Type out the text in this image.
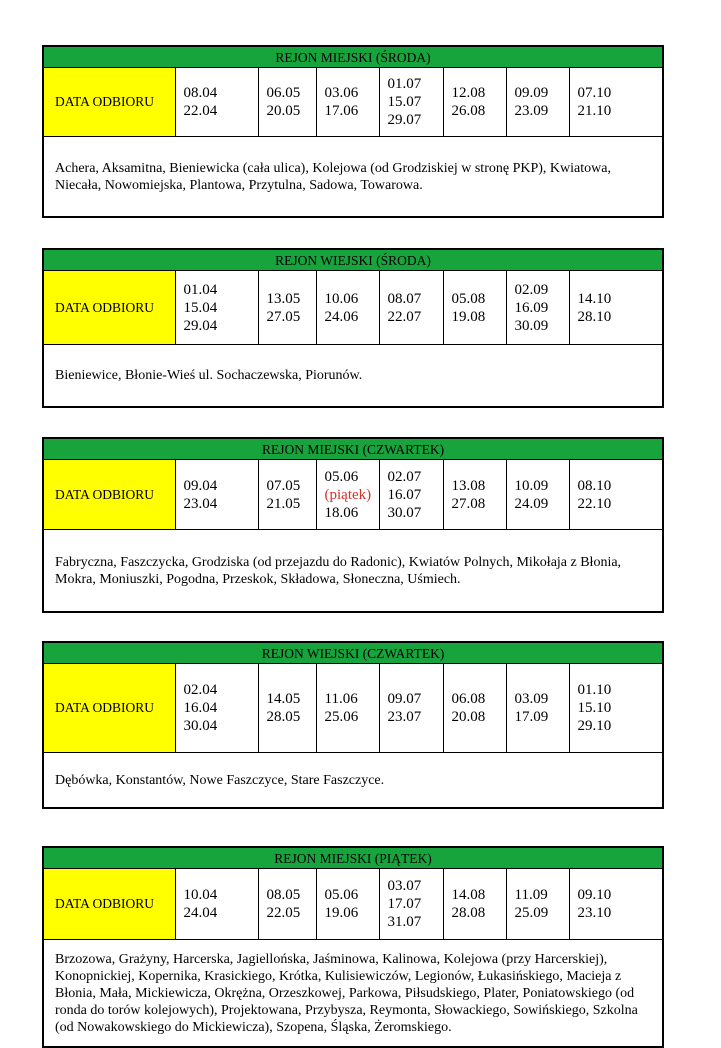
REJON MIEJSKI (ŚRODA)
DATA ODBIORU	
08.04
22.04

06.05
20.05

03.06
17.06

01.07
15.07
29.07

12.08
26.08

09.09
23.09

07.10
21.10

Achera, Aksamitna, Bieniewicka (cała ulica), Kolejowa (od Grodziskiej w stronę PKP), Kwiatowa, Niecała, Nowomiejska, Plantowa, Przytulna, Sadowa, Towarowa.
REJON WIEJSKI (ŚRODA)
DATA ODBIORU	
01.04
15.04
29.04

13.05
27.05

10.06
24.06

08.07
22.07

05.08
19.08

02.09
16.09
30.09

14.10
28.10

Bieniewice, Błonie-Wieś ul. Sochaczewska, Piorunów.
REJON MIEJSKI (CZWARTEK)
DATA ODBIORU	
09.04
23.04

07.05
21.05

05.06
(piątek)
18.06

02.07
16.07
30.07

13.08
27.08

10.09
24.09

08.10
22.10

Fabryczna, Faszczycka, Grodziska (od przejazdu do Radonic), Kwiatów Polnych, Mikołaja z Błonia, Mokra, Moniuszki, Pogodna, Przeskok, Składowa, Słoneczna, Uśmiech.
REJON WIEJSKI (CZWARTEK)
DATA ODBIORU	
02.04
16.04
30.04

14.05
28.05

11.06
25.06

09.07
23.07

06.08
20.08

03.09
17.09

01.10
15.10
29.10

Dębówka, Konstantów, Nowe Faszczyce, Stare Faszczyce.
REJON MIEJSKI (PIĄTEK)
DATA ODBIORU	
10.04
24.04

08.05
22.05

05.06
19.06

03.07
17.07
31.07

14.08
28.08

11.09
25.09

09.10
23.10

Brzozowa, Grażyny, Harcerska, Jagiellońska, Jaśminowa, Kalinowa, Kolejowa (przy Harcerskiej), Konopnickiej, Kopernika, Krasickiego, Krótka, Kulisiewiczów, Legionów, Łukasińskiego, Macieja z Błonia, Mała, Mickiewicza, Okrężna, Orzeszkowej, Parkowa, Piłsudskiego, Plater, Poniatowskiego (od ronda do torów kolejowych), Projektowana, Przybysza, Reymonta, Słowackiego, Sowińskiego, Szkolna (od Nowakowskiego do Mickiewicza), Szopena, Śląska, Żeromskiego.
